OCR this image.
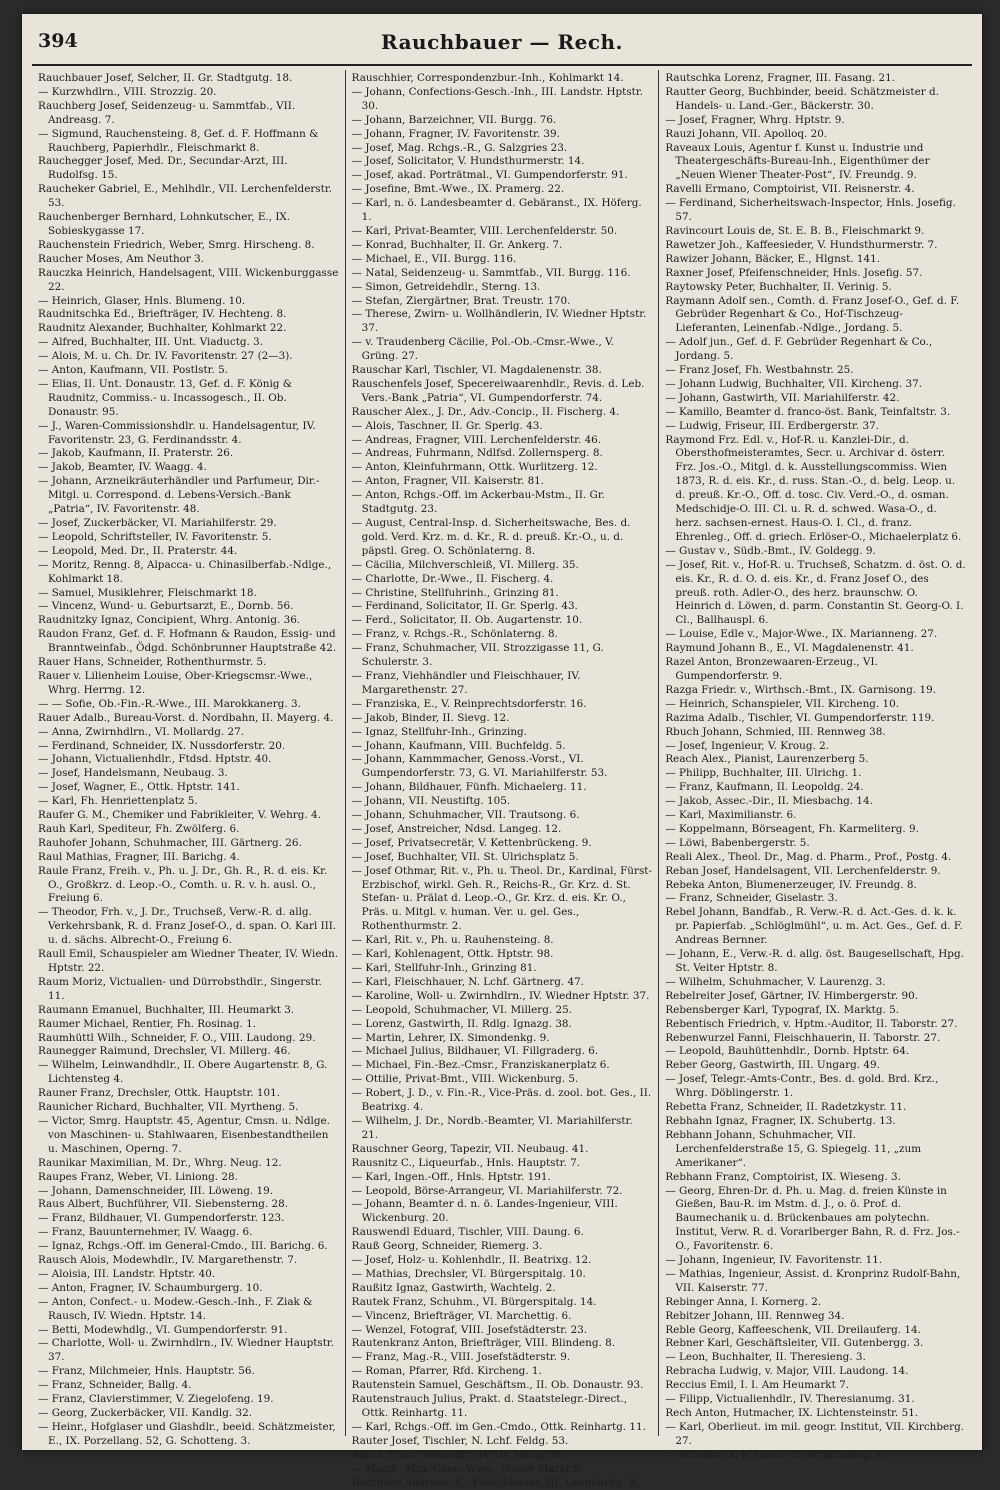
394	Rauchbauer — Rech.

Rauchbauer Josef, Selcher, II. Gr. Stadtgutg. 18.

— Kurzwhdlrn., VIII. Strozzig. 20.

Rauchberg Josef, Seidenzeug- u. Sammtfab., VII. Andreasg. 7.

— Sigmund, Rauchensteing. 8, Gef. d. F. Hoffmann & Rauchberg, Papierhdlr., Fleischmarkt 8.

Rauchegger Josef, Med. Dr., Secundar-Arzt, III. Rudolfsg. 15.

Raucheker Gabriel, E., Mehlhdlr., VII. Lerchenfelderstr. 53.

Rauchenberger Bernhard, Lohnkutscher, E., IX. Sobieskygasse 17.

Rauchenstein Friedrich, Weber, Smrg. Hirscheng. 8.

Raucher Moses, Am Neuthor 3.

Rauczka Heinrich, Handelsagent, VIII. Wickenburggasse 22.

— Heinrich, Glaser, Hnls. Blumeng. 10.

Raudnitschka Ed., Briefträger, IV. Hechteng. 8.

Raudnitz Alexander, Buchhalter, Kohlmarkt 22.

— Alfred, Buchhalter, III. Unt. Viaductg. 3.

— Alois, M. u. Ch. Dr. IV. Favoritenstr. 27 (2—3).

— Anton, Kaufmann, VII. Postlstr. 5.

— Elias, II. Unt. Donaustr. 13, Gef. d. F. König & Raudnitz, Commiss.- u. Incassogesch., II. Ob. Donaustr. 95.

— J., Waren-Commissionshdlr. u. Handelsagentur, IV. Favoritenstr. 23, G. Ferdinandsstr. 4.

— Jakob, Kaufmann, II. Praterstr. 26.

— Jakob, Beamter, IV. Waagg. 4.

— Johann, Arzneikräuterhändler und Parfumeur, Dir.-Mitgl. u. Correspond. d. Lebens-Versich.-Bank „Patria“, IV. Favoritenstr. 48.

— Josef, Zuckerbäcker, VI. Mariahilferstr. 29.

— Leopold, Schriftsteller, IV. Favoritenstr. 5.

— Leopold, Med. Dr., II. Praterstr. 44.

— Moritz, Renng. 8, Alpacca- u. Chinasilberfab.-Ndlge., Kohlmarkt 18.

— Samuel, Musiklehrer, Fleischmarkt 18.

— Vincenz, Wund- u. Geburtsarzt, E., Dornb. 56.

Raudnitzky Ignaz, Concipient, Whrg. Antonig. 36.

Raudon Franz, Gef. d. F. Hofmann & Raudon, Essig- und Branntweinfab., Ödgd. Schönbrunner Hauptstraße 42.

Rauer Hans, Schneider, Rothenthurmstr. 5.

Rauer v. Lilienheim Louise, Ober-Kriegscmsr.-Wwe., Whrg. Herrng. 12.

— — Sofie, Ob.-Fin.-R.-Wwe., III. Marokkanerg. 3.

Rauer Adalb., Bureau-Vorst. d. Nordbahn, II. Mayerg. 4.

— Anna, Zwirnhdlrn., VI. Mollardg. 27.

— Ferdinand, Schneider, IX. Nussdorferstr. 20.

— Johann, Victualienhdlr., Ftdsd. Hptstr. 40.

— Josef, Handelsmann, Neubaug. 3.

— Josef, Wagner, E., Ottk. Hptstr. 141.

— Karl, Fh. Henriettenplatz 5.

Raufer G. M., Chemiker und Fabrikleiter, V. Wehrg. 4.

Rauh Karl, Spediteur, Fh. Zwölferg. 6.

Rauhofer Johann, Schuhmacher, III. Gärtnerg. 26.

Raul Mathias, Fragner, III. Barichg. 4.

Raule Franz, Freih. v., Ph. u. J. Dr., Gh. R., R. d. eis. Kr. O., Großkrz. d. Leop.-O., Comth. u. R. v. h. ausl. O., Freiung 6.

— Theodor, Frh. v., J. Dr., Truchseß, Verw.-R. d. allg. Verkehrsbank, R. d. Franz Josef-O., d. span. O. Karl III. u. d. sächs. Albrecht-O., Freiung 6.

Raull Emil, Schauspieler am Wiedner Theater, IV. Wiedn. Hptstr. 22.

Raum Moriz, Victualien- und Dürrobsthdlr., Singerstr. 11.

Raumann Emanuel, Buchhalter, III. Heumarkt 3.

Raumer Michael, Rentier, Fh. Rosinag. 1.

Raumhüttl Wilh., Schneider, F. O., VIII. Laudong. 29.

Raunegger Raimund, Drechsler, VI. Millerg. 46.

— Wilhelm, Leinwandhdlr., II. Obere Augartenstr. 8, G. Lichtensteg 4.

Rauner Franz, Drechsler, Ottk. Hauptstr. 101.

Raunicher Richard, Buchhalter, VII. Myrtheng. 5.

— Victor, Smrg. Hauptstr. 45, Agentur, Cmsn. u. Ndlge. von Maschinen- u. Stahlwaaren, Eisenbestandtheilen u. Maschinen, Operng. 7.

Raunikar Maximilian, M. Dr., Whrg. Neug. 12.

Raupes Franz, Weber, VI. Liniong. 28.

— Johann, Damenschneider, III. Löweng. 19.

Raus Albert, Buchführer, VII. Siebensterng. 28.

— Franz, Bildhauer, VI. Gumpendorferstr. 123.

— Franz, Bauunternehmer, IV. Waagg. 6.

— Ignaz, Rchgs.-Off. im General-Cmdo., III. Barichg. 6.

Rausch Alois, Modewhdlr., IV. Margarethenstr. 7.

— Aloisia, III. Landstr. Hptstr. 40.

— Anton, Fragner, IV. Schaumburgerg. 10.

— Anton, Confect.- u. Modew.-Gesch.-Inh., F. Ziak & Rausch, IV. Wiedn. Hptstr. 14.

— Betti, Modewhdlg., VI. Gumpendorferstr. 91.

— Charlotte, Woll- u. Zwirnhdlrn., IV. Wiedner Hauptstr. 37.

— Franz, Milchmeier, Hnls. Hauptstr. 56.

— Franz, Schneider, Ballg. 4.

— Franz, Clavierstimmer, V. Ziegelofeng. 19.

— Georg, Zuckerbäcker, VII. Kandlg. 32.

— Heinr., Hofglaser und Glashdlr., beeid. Schätzmeister, E., IX. Porzellang. 52, G. Schotteng. 3.

Rauschhier, Correspondenzbur.-Inh., Kohlmarkt 14.

— Johann, Confections-Gesch.-Inh., III. Landstr. Hptstr. 30.

— Johann, Barzeichner, VII. Burgg. 76.

— Johann, Fragner, IV. Favoritenstr. 39.

— Josef, Mag. Rchgs.-R., G. Salzgries 23.

— Josef, Solicitator, V. Hundsthurmerstr. 14.

— Josef, akad. Porträtmal., VI. Gumpendorferstr. 91.

— Josefine, Bmt.-Wwe., IX. Pramerg. 22.

— Karl, n. ö. Landesbeamter d. Gebäranst., IX. Höferg. 1.

— Karl, Privat-Beamter, VIII. Lerchenfelderstr. 50.

— Konrad, Buchhalter, II. Gr. Ankerg. 7.

— Michael, E., VII. Burgg. 116.

— Natal, Seidenzeug- u. Sammtfab., VII. Burgg. 116.

— Simon, Getreidehdlr., Sterng. 13.

— Stefan, Ziergärtner, Brat. Treustr. 170.

— Therese, Zwirn- u. Wollhändlerin, IV. Wiedner Hptstr. 37.

— v. Traudenberg Cäcilie, Pol.-Ob.-Cmsr.-Wwe., V. Grüng. 27.

Rauschar Karl, Tischler, VI. Magdalenenstr. 38.

Rauschenfels Josef, Specereiwaarenhdlr., Revis. d. Leb. Vers.-Bank „Patria“, VI. Gumpendorferstr. 74.

Rauscher Alex., J. Dr., Adv.-Concip., II. Fischerg. 4.

— Alois, Taschner, II. Gr. Sperlg. 43.

— Andreas, Fragner, VIII. Lerchenfelderstr. 46.

— Andreas, Fuhrmann, Ndlfsd. Zollernsperg. 8.

— Anton, Kleinfuhrmann, Ottk. Wurlitzerg. 12.

— Anton, Fragner, VII. Kaiserstr. 81.

— Anton, Rchgs.-Off. im Ackerbau-Mstm., II. Gr. Stadtgutg. 23.

— August, Central-Insp. d. Sicherheitswache, Bes. d. gold. Verd. Krz. m. d. Kr., R. d. preuß. Kr.-O., u. d. päpstl. Greg. O. Schönlaterng. 8.

— Cäcilia, Milchverschleiß, VI. Millerg. 35.

— Charlotte, Dr.-Wwe., II. Fischerg. 4.

— Christine, Stellfuhrinh., Grinzing 81.

— Ferdinand, Solicitator, II. Gr. Sperlg. 43.

— Ferd., Solicitator, II. Ob. Augartenstr. 10.

— Franz, v. Rchgs.-R., Schönlaterng. 8.

— Franz, Schuhmacher, VII. Strozzigasse 11, G. Schulerstr. 3.

— Franz, Viehhändler und Fleischhauer, IV. Margarethenstr. 27.

— Franziska, E., V. Reinprechtsdorferstr. 16.

— Jakob, Binder, II. Sievg. 12.

— Ignaz, Stellfuhr-Inh., Grinzing.

— Johann, Kaufmann, VIII. Buchfeldg. 5.

— Johann, Kammmacher, Genoss.-Vorst., VI. Gumpendorferstr. 73, G. VI. Mariahilferstr. 53.

— Johann, Bildhauer, Fünfh. Michaelerg. 11.

— Johann, VII. Neustiftg. 105.

— Johann, Schuhmacher, VII. Trautsong. 6.

— Josef, Anstreicher, Ndsd. Langeg. 12.

— Josef, Privatsecretär, V. Kettenbrückeng. 9.

— Josef, Buchhalter, VII. St. Ulrichsplatz 5.

— Josef Othmar, Rit. v., Ph. u. Theol. Dr., Kardinal, Fürst-Erzbischof, wirkl. Geh. R., Reichs-R., Gr. Krz. d. St. Stefan- u. Prälat d. Leop.-O., Gr. Krz. d. eis. Kr. O., Präs. u. Mitgl. v. human. Ver. u. gel. Ges., Rothenthurmstr. 2.

— Karl, Rit. v., Ph. u. Rauhensteing. 8.

— Karl, Kohlenagent, Ottk. Hptstr. 98.

— Karl, Stellfuhr-Inh., Grinzing 81.

— Karl, Fleischhauer, N. Lchf. Gärtnerg. 47.

— Karoline, Woll- u. Zwirnhdlrn., IV. Wiedner Hptstr. 37.

— Leopold, Schuhmacher, VI. Millerg. 25.

— Lorenz, Gastwirth, II. Rdlg. Ignazg. 38.

— Martin, Lehrer, IX. Simondenkg. 9.

— Michael Julius, Bildhauer, VI. Fillgraderg. 6.

— Michael, Fin.-Bez.-Cmsr., Franziskanerplatz 6.

— Ottilie, Privat-Bmt., VIII. Wickenburg. 5.

— Robert, J. D., v. Fin.-R., Vice-Präs. d. zool. bot. Ges., II. Beatrixg. 4.

— Wilhelm, J. Dr., Nordb.-Beamter, VI. Mariahilferstr. 21.

Rauschner Georg, Tapezir, VII. Neubaug. 41.

Rausnitz C., Liqueurfab., Hnls. Hauptstr. 7.

— Karl, Ingen.-Off., Hnls. Hptstr. 191.

— Leopold, Börse-Arrangeur, VI. Mariahilferstr. 72.

— Johann, Beamter d. n. ö. Landes-Ingenieur, VIII. Wickenburg. 20.

Rauswendl Eduard, Tischler, VIII. Daung. 6.

Rauß Georg, Schneider, Riemerg. 3.

— Josef, Holz- u. Kohlenhdlr., II. Beatrixg. 12.

— Mathias, Drechsler, VI. Bürgerspitalg. 10.

Raußitz Ignaz, Gastwirth, Wachtelg. 2.

Rautek Franz, Schuhm., VI. Bürgerspitalg. 14.

— Vincenz, Briefträger, VI. Marchettig. 6.

— Wenzel, Fotograf, VIII. Josefstädterstr. 23.

Rautenkranz Anton, Briefträger, VIII. Blindeng. 8.

— Franz, Mag.-R., VIII. Josefstädterstr. 9.

— Roman, Pfarrer, Rfd. Kircheng. 1.

Rautenstein Samuel, Geschäftsm., II. Ob. Donaustr. 93.

Rautenstrauch Julius, Prakt. d. Staatstelegr.-Direct., Ottk. Reinhartg. 11.

— Karl, Rchgs.-Off. im Gen.-Cmdo., Ottk. Reinhartg. 11.

Rauter Josef, Tischler, N. Lchf. Feldg. 53.

Rauth Ernst, Weinhdlr., IV. Gr. Neug. 36.

— Magd., Min.-Conc.-Wwe., Neuer Markt 9.

Rauthner Andreas, E., Fleischhauer, III. Leonhardg. 9.

Rautschka Lorenz, Fragner, III. Fasang. 21.

Rautter Georg, Buchbinder, beeid. Schätzmeister d. Handels- u. Land.-Ger., Bäckerstr. 30.

— Josef, Fragner, Whrg. Hptstr. 9.

Rauzi Johann, VII. Apolloq. 20.

Raveaux Louis, Agentur f. Kunst u. Industrie und Theatergeschäfts-Bureau-Inh., Eigenthümer der „Neuen Wiener Theater-Post“, IV. Freundg. 9.

Ravelli Ermano, Comptoirist, VII. Reisnerstr. 4.

— Ferdinand, Sicherheitswach-Inspector, Hnls. Josefig. 57.

Ravincourt Louis de, St. E. B. B., Fleischmarkt 9.

Rawetzer Joh., Kaffeesieder, V. Hundsthurmerstr. 7.

Rawizer Johann, Bäcker, E., Hlgnst. 141.

Raxner Josef, Pfeifenschneider, Hnls. Josefig. 57.

Raytowsky Peter, Buchhalter, II. Verinig. 5.

Raymann Adolf sen., Comth. d. Franz Josef-O., Gef. d. F. Gebrüder Regenhart & Co., Hof-Tischzeug-Lieferanten, Leinenfab.-Ndlge., Jordang. 5.

— Adolf jun., Gef. d. F. Gebrüder Regenhart & Co., Jordang. 5.

— Franz Josef, Fh. Westbahnstr. 25.

— Johann Ludwig, Buchhalter, VII. Kircheng. 37.

— Johann, Gastwirth, VII. Mariahilferstr. 42.

— Kamillo, Beamter d. franco-öst. Bank, Teinfaltstr. 3.

— Ludwig, Friseur, III. Erdbergerstr. 37.

Raymond Frz. Edl. v., Hof-R. u. Kanzlei-Dir., d. Obersthofmeisteramtes, Secr. u. Archivar d. österr. Frz. Jos.-O., Mitgl. d. k. Ausstellungscommiss. Wien 1873, R. d. eis. Kr., d. russ. Stan.-O., d. belg. Leop. u. d. preuß. Kr.-O., Off. d. tosc. Civ. Verd.-O., d. osman. Medschidje-O. III. Cl. u. R. d. schwed. Wasa-O., d. herz. sachsen-ernest. Haus-O. I. Cl., d. franz. Ehrenleg., Off. d. griech. Erlöser-O., Michaelerplatz 6.

— Gustav v., Südb.-Bmt., IV. Goldegg. 9.

— Josef, Rit. v., Hof-R. u. Truchseß, Schatzm. d. öst. O. d. eis. Kr., R. d. O. d. eis. Kr., d. Franz Josef O., des preuß. roth. Adler-O., des herz. braunschw. O. Heinrich d. Löwen, d. parm. Constantin St. Georg-O. I. Cl., Ballhauspl. 6.

— Louise, Edle v., Major-Wwe., IX. Marianneng. 27.

Raymund Johann B., E., VI. Magdalenenstr. 41.

Razel Anton, Bronzewaaren-Erzeug., VI. Gumpendorferstr. 9.

Razga Friedr. v., Wirthsch.-Bmt., IX. Garnisong. 19.

— Heinrich, Schanspieler, VII. Kircheng. 10.

Razima Adalb., Tischler, VI. Gumpendorferstr. 119.

Rbuch Johann, Schmied, III. Rennweg 38.

— Josef, Ingenieur, V. Kroug. 2.

Reach Alex., Pianist, Laurenzerberg 5.

— Philipp, Buchhalter, III. Ulrichg. 1.

— Franz, Kaufmann, II. Leopoldg. 24.

— Jakob, Assec.-Dir., II. Miesbachg. 14.

— Karl, Maximilianstr. 6.

— Koppelmann, Börseagent, Fh. Karmeliterg. 9.

— Löwi, Babenbergerstr. 5.

Reali Alex., Theol. Dr., Mag. d. Pharm., Prof., Postg. 4.

Reban Josef, Handelsagent, VII. Lerchenfelderstr. 9.

Rebeka Anton, Blumenerzeuger, IV. Freundg. 8.

— Franz, Schneider, Giselastr. 3.

Rebel Johann, Bandfab., R. Verw.-R. d. Act.-Ges. d. k. k. pr. Papierfab. „Schlöglmühl“, u. m. Act. Ges., Gef. d. F. Andreas Bernner.

— Johann, E., Verw.-R. d. allg. öst. Baugesellschaft, Hpg. St. Veiter Hptstr. 8.

— Wilhelm, Schuhmacher, V. Laurenzg. 3.

Rebelreiter Josef, Gärtner, IV. Himbergerstr. 90.

Rebensberger Karl, Typograf, IX. Marktg. 5.

Rebentisch Friedrich, v. Hptm.-Auditor, II. Taborstr. 27.

Rebenwurzel Fanni, Fleischhauerin, II. Taborstr. 27.

— Leopold, Bauhüttenhdlr., Dornb. Hptstr. 64.

Reber Georg, Gastwirth, III. Ungarg. 49.

— Josef, Telegr.-Amts-Contr., Bes. d. gold. Brd. Krz., Whrg. Döblingerstr. 1.

Rebetta Franz, Schneider, II. Radetzkystr. 11.

Rebhahn Ignaz, Fragner, IX. Schubertg. 13.

Rebhann Johann, Schuhmacher, VII. Lerchenfelderstraße 15, G. Spiegelg. 11, „zum Amerikaner“.

Rebhann Franz, Comptoirist, IX. Wieseng. 3.

— Georg, Ehren-Dr. d. Ph. u. Mag. d. freien Künste in Gießen, Bau-R. im Mstm. d. J., o. ö. Prof. d. Baumechanik u. d. Brückenbaues am polytechn. Institut, Verw. R. d. Vorarlberger Bahn, R. d. Frz. Jos.-O., Favoritenstr. 6.

— Johann, Ingenieur, IV. Favoritenstr. 11.

— Mathias, Ingenieur, Assist. d. Kronprinz Rudolf-Bahn, VII. Kaiserstr. 77.

Rebinger Anna, I. Kornerg. 2.

Rebitzer Johann, III. Rennweg 34.

Reble Georg, Kaffeeschenk, VII. Dreilauferg. 14.

Rebner Karl, Geschäftsleiter, VII. Gutenbergg. 3.

— Leon, Buchhalter, II. Theresieng. 3.

Rebracha Ludwig, v. Major, VIII. Laudong. 14.

Reccius Emil, I. I. Am Heumarkt 7.

— Filipp, Victualienhdlr., IV. Theresianumg. 31.

Rech Anton, Hutmacher, IX. Lichtensteinstr. 51.

— Karl, Oberlieut. im mil. geogr. Institut, VII. Kirchberg. 27.

— Wilhelm, k. k. Lieut., II. Schiffamtsg. 4.
